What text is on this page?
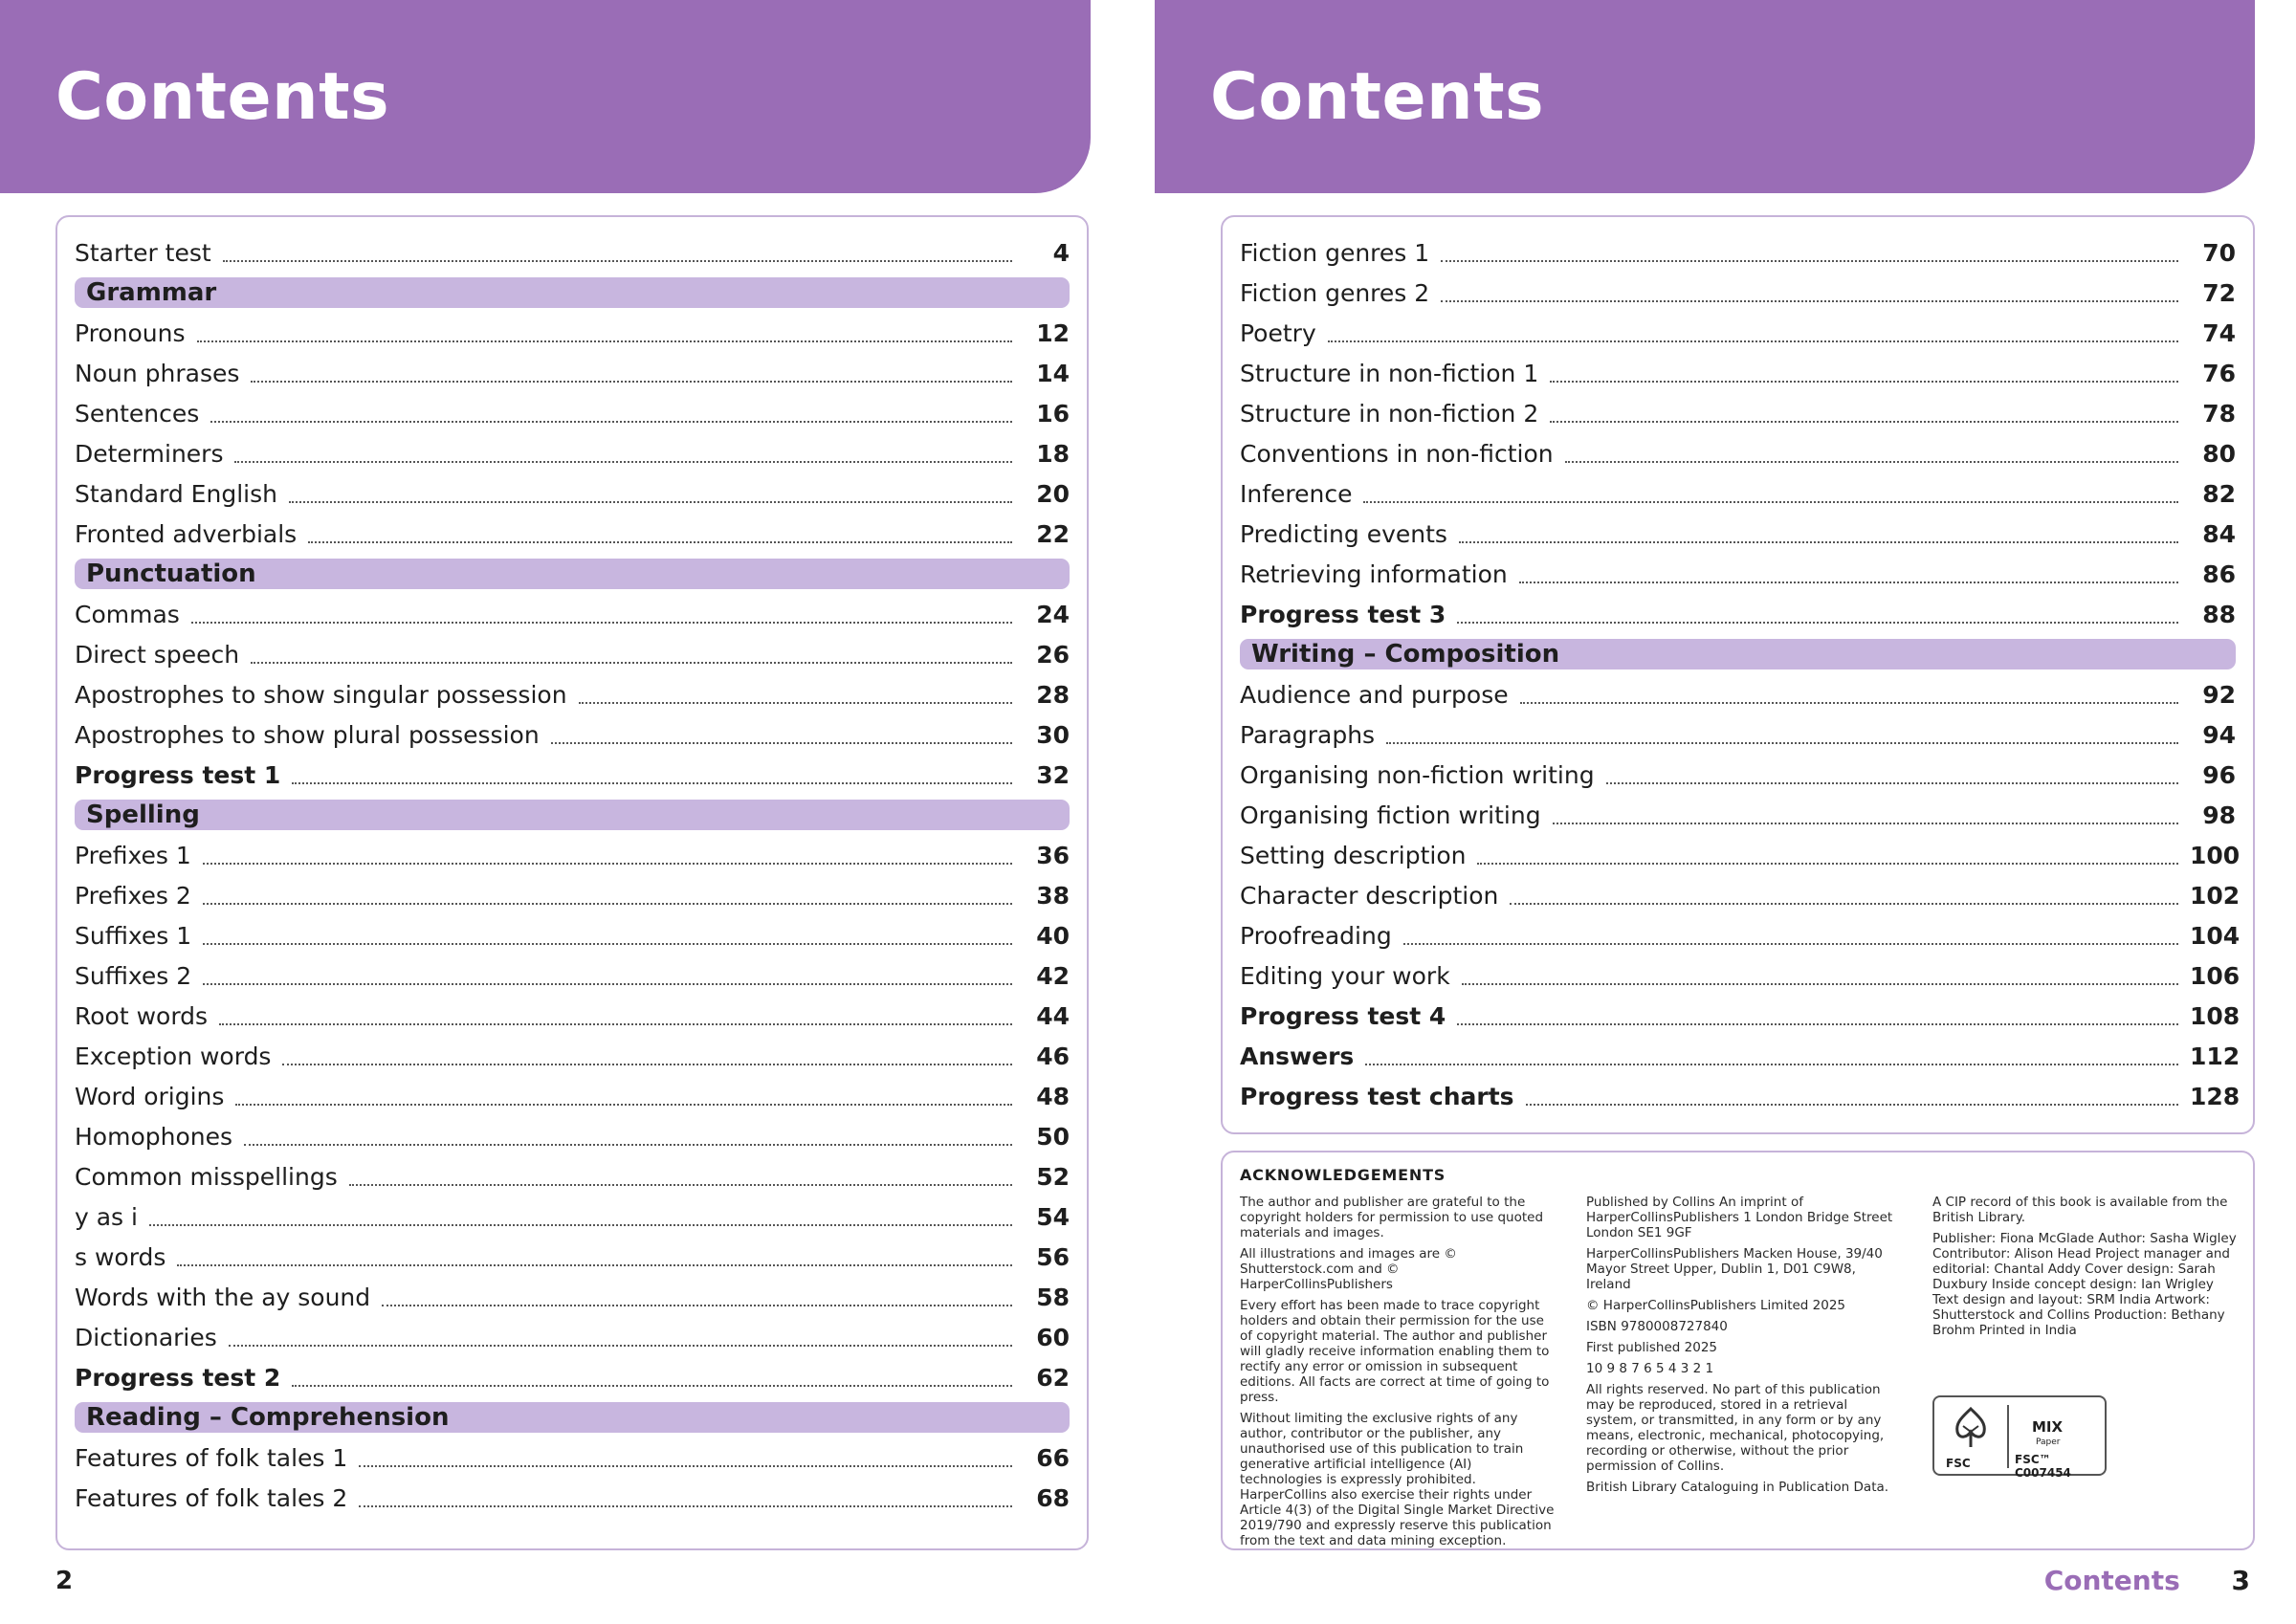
Contents
Starter test	4
Grammar
Pronouns	12
Noun phrases	14
Sentences	16
Determiners	18
Standard English	20
Fronted adverbials	22
Punctuation
Commas	24
Direct speech	26
Apostrophes to show singular possession	28
Apostrophes to show plural possession	30
Progress test 1	32
Spelling
Prefixes 1	36
Prefixes 2	38
Suffixes 1	40
Suffixes 2	42
Root words	44
Exception words	46
Word origins	48
Homophones	50
Common misspellings	52
y as i	54
s words	56
Words with the ay sound	58
Dictionaries	60
Progress test 2	62
Reading – Comprehension
Features of folk tales 1	66
Features of folk tales 2	68
2
Contents
Fiction genres 1	70
Fiction genres 2	72
Poetry	74
Structure in non-fiction 1	76
Structure in non-fiction 2	78
Conventions in non-fiction	80
Inference	82
Predicting events	84
Retrieving information	86
Progress test 3	88
Writing – Composition
Audience and purpose	92
Paragraphs	94
Organising non-fiction writing	96
Organising fiction writing	98
Setting description	100
Character description	102
Proofreading	104
Editing your work	106
Progress test 4	108
Answers	112
Progress test charts	128
ACKNOWLEDGEMENTS

The author and publisher are grateful to the copyright holders for permission to use quoted materials and images.

All illustrations and images are © Shutterstock.com and © HarperCollinsPublishers

Every effort has been made to trace copyright holders and obtain their permission for the use of copyright material. The author and publisher will gladly receive information enabling them to rectify any error or omission in subsequent editions. All facts are correct at time of going to press.

Without limiting the exclusive rights of any author, contributor or the publisher, any unauthorised use of this publication to train generative artificial intelligence (AI) technologies is expressly prohibited. HarperCollins also exercise their rights under Article 4(3) of the Digital Single Market Directive 2019/790 and expressly reserve this publication from the text and data mining exception.

Published by Collins An imprint of HarperCollinsPublishers 1 London Bridge Street London SE1 9GF

HarperCollinsPublishers Macken House, 39/40 Mayor Street Upper, Dublin 1, D01 C9W8, Ireland

© HarperCollinsPublishers Limited 2025

ISBN 9780008727840

First published 2025

10 9 8 7 6 5 4 3 2 1

All rights reserved. No part of this publication may be reproduced, stored in a retrieval system, or transmitted, in any form or by any means, electronic, mechanical, photocopying, recording or otherwise, without the prior permission of Collins.

British Library Cataloguing in Publication Data.

A CIP record of this book is available from the British Library.

Publisher: Fiona McGlade Author: Sasha Wigley Contributor: Alison Head Project manager and editorial: Chantal Addy Cover design: Sarah Duxbury Inside concept design: Ian Wrigley Text design and layout: SRM India Artwork: Shutterstock and Collins Production: Bethany Brohm Printed in India

FSC
MIX
Paper
FSC™ C007454
Contents 3
